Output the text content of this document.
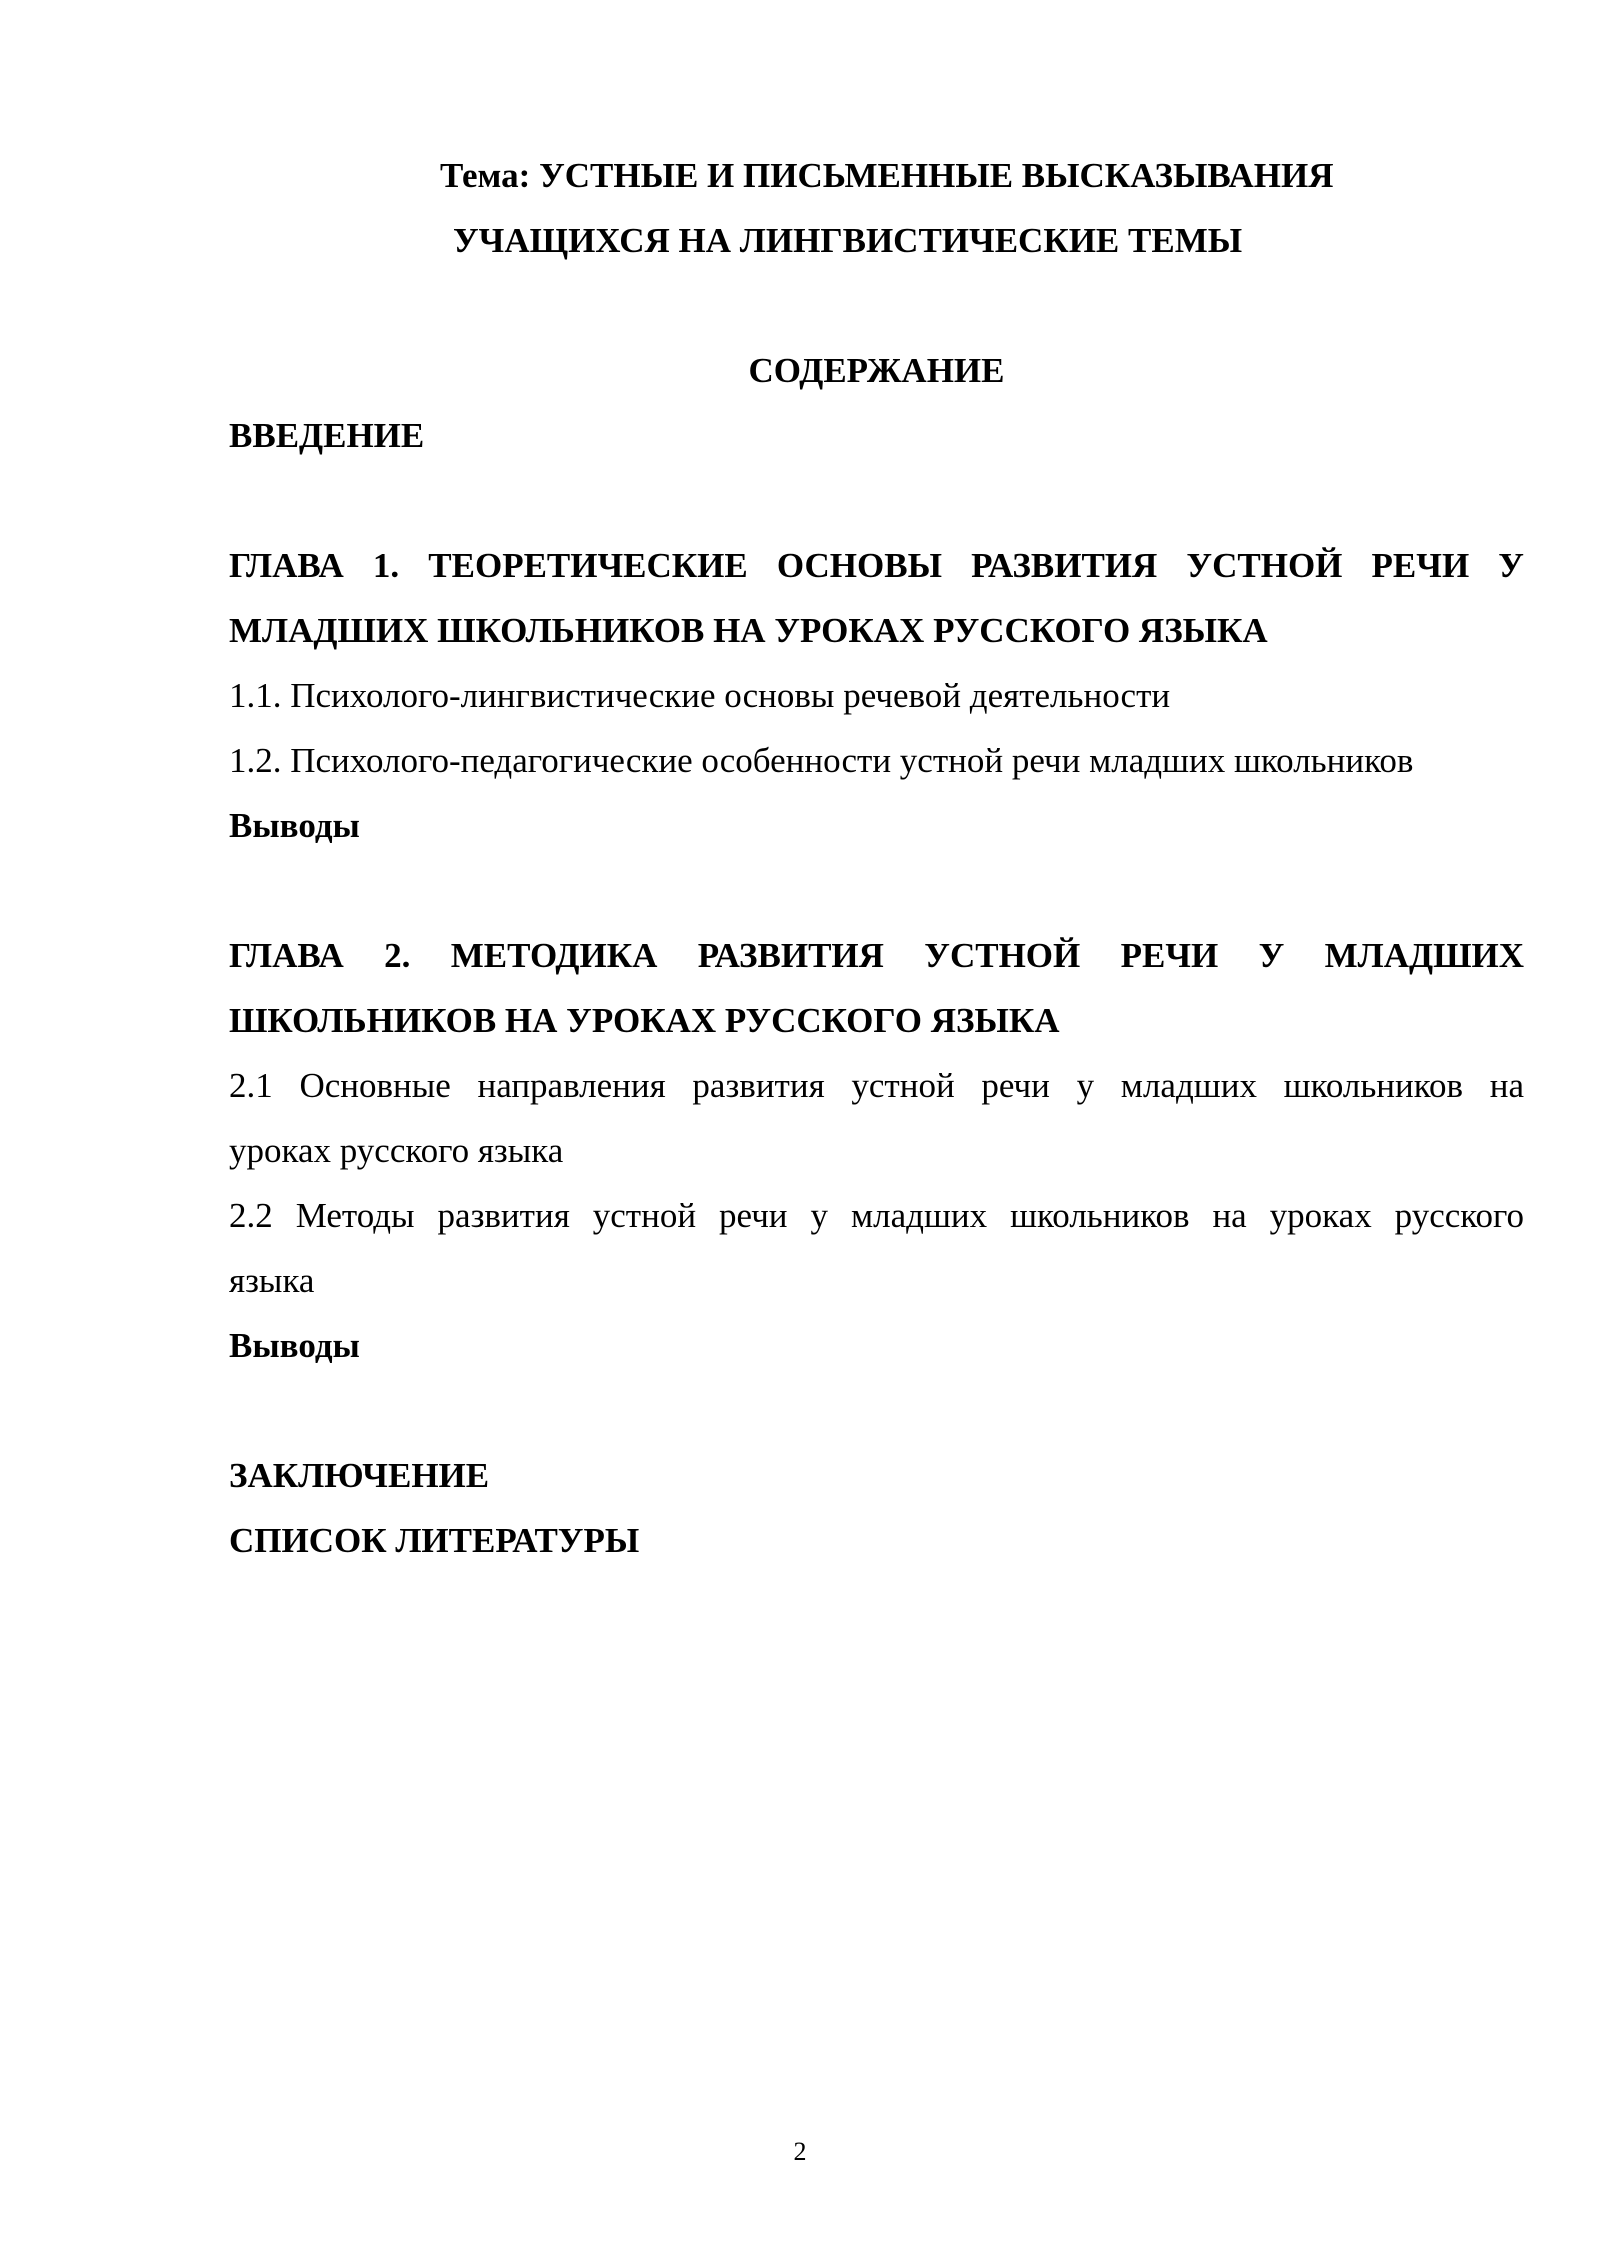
Тема: УСТНЫЕ И ПИСЬМЕННЫЕ ВЫСКАЗЫВАНИЯ
УЧАЩИХСЯ НА ЛИНГВИСТИЧЕСКИЕ ТЕМЫ
СОДЕРЖАНИЕ
ВВЕДЕНИЕ
ГЛАВА 1. ТЕОРЕТИЧЕСКИЕ ОСНОВЫ РАЗВИТИЯ УСТНОЙ РЕЧИ У
МЛАДШИХ ШКОЛЬНИКОВ НА УРОКАХ РУССКОГО ЯЗЫКА
1.1. Психолого-лингвистические основы речевой деятельности
1.2. Психолого-педагогические особенности устной речи младших школьников
Выводы
ГЛАВА 2. МЕТОДИКА РАЗВИТИЯ УСТНОЙ РЕЧИ У МЛАДШИХ
ШКОЛЬНИКОВ НА УРОКАХ РУССКОГО ЯЗЫКА
2.1 Основные направления развития устной речи у младших школьников на
уроках русского языка
2.2 Методы развития устной речи у младших школьников на уроках русского
языка
Выводы
ЗАКЛЮЧЕНИЕ
СПИСОК ЛИТЕРАТУРЫ
2
